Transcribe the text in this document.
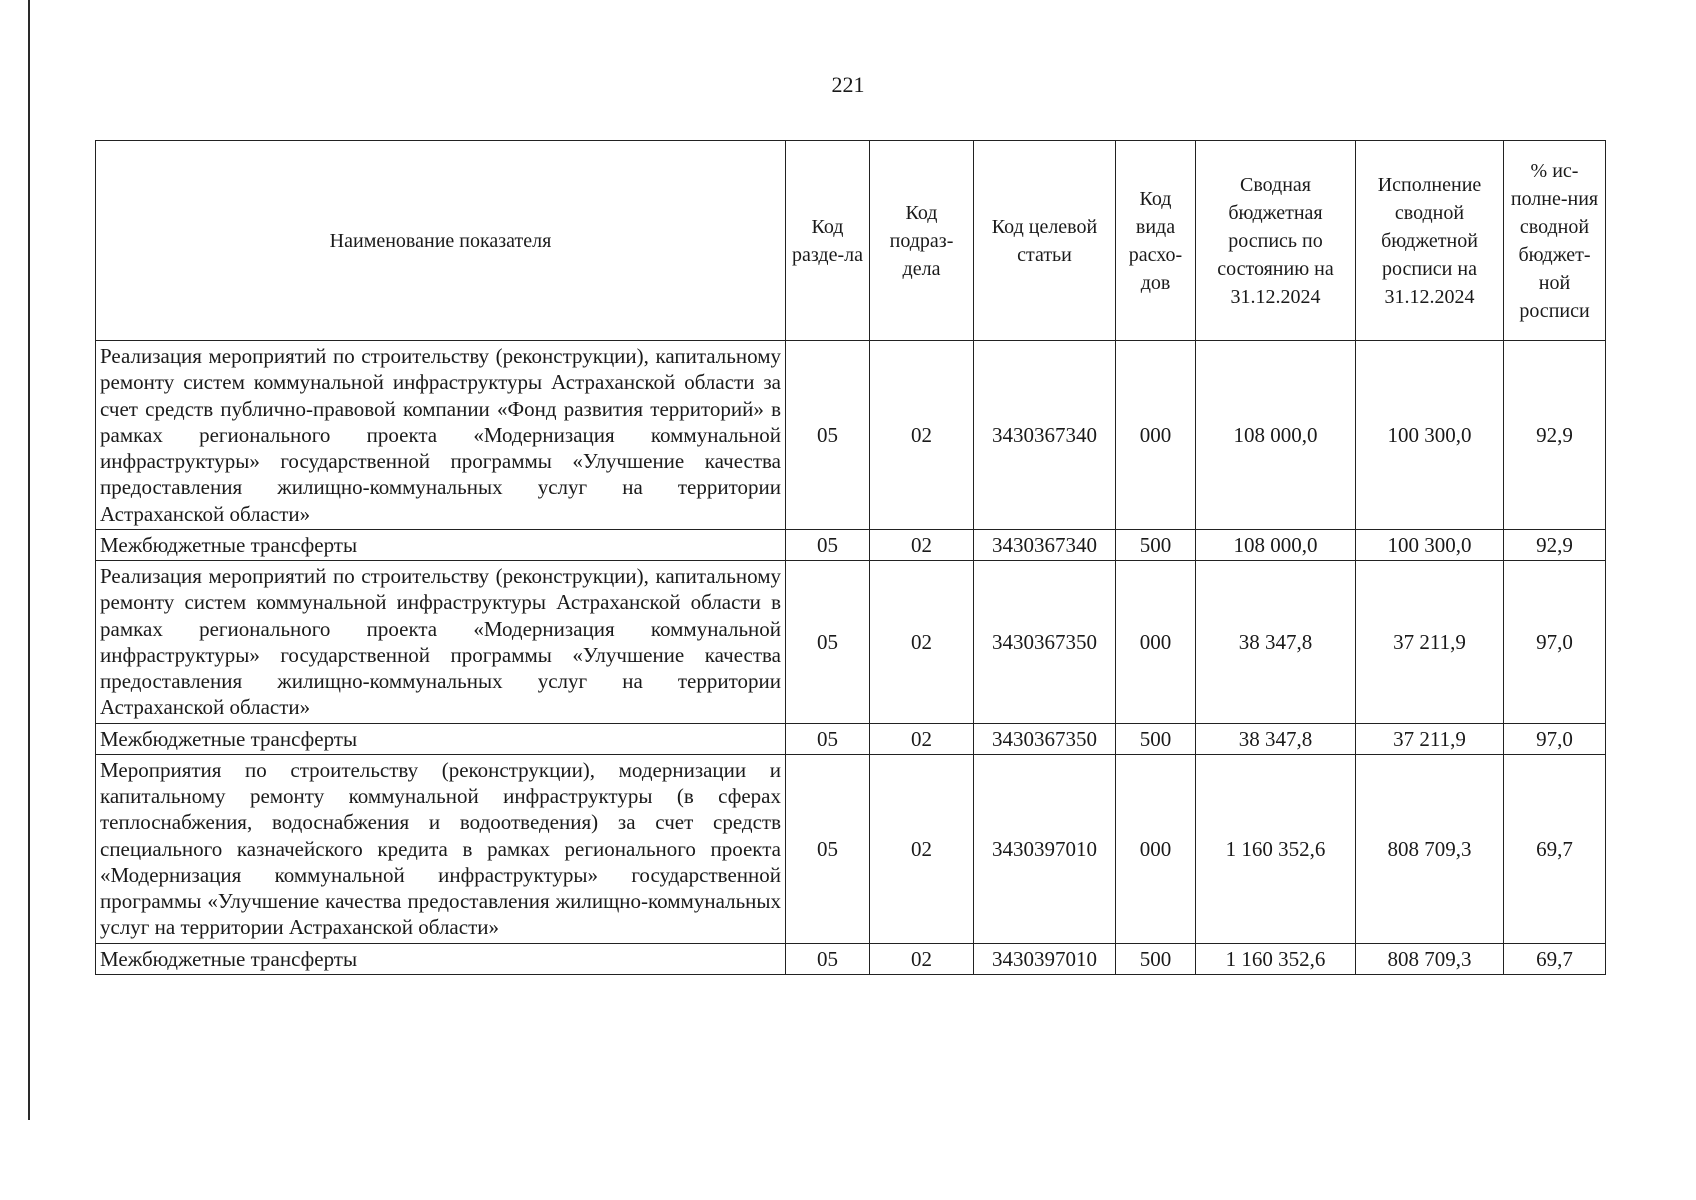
221
Наименование показателя	Код разде-ла	Код подраз-дела	Код целевой статьи	Код вида расхо-дов	Сводная бюджетная роспись по состоянию на 31.12.2024	Исполнение сводной бюджетной росписи на 31.12.2024	% ис-полне-ния сводной бюджет-ной росписи
Реализация мероприятий по строительству (реконструкции), капитальному ремонту систем коммунальной инфраструктуры Астраханской области за счет средств публично-правовой компании «Фонд развития территорий» в рамках регионального проекта «Модернизация коммунальной инфраструктуры» государственной программы «Улучшение качества предоставления жилищно-коммунальных услуг на территории Астраханской области»	05	02	3430367340	000	108 000,0	100 300,0	92,9
Межбюджетные трансферты	05	02	3430367340	500	108 000,0	100 300,0	92,9
Реализация мероприятий по строительству (реконструкции), капитальному ремонту систем коммунальной инфраструктуры Астраханской области в рамках регионального проекта «Модернизация коммунальной инфраструктуры» государственной программы «Улучшение качества предоставления жилищно-коммунальных услуг на территории Астраханской области»	05	02	3430367350	000	38 347,8	37 211,9	97,0
Межбюджетные трансферты	05	02	3430367350	500	38 347,8	37 211,9	97,0
Мероприятия по строительству (реконструкции), модернизации и капитальному ремонту коммунальной инфраструктуры (в сферах теплоснабжения, водоснабжения и водоотведения) за счет средств специального казначейского кредита в рамках регионального проекта «Модернизация коммунальной инфраструктуры» государственной программы «Улучшение качества предоставления жилищно-коммунальных услуг на территории Астраханской области»	05	02	3430397010	000	1 160 352,6	808 709,3	69,7
Межбюджетные трансферты	05	02	3430397010	500	1 160 352,6	808 709,3	69,7
